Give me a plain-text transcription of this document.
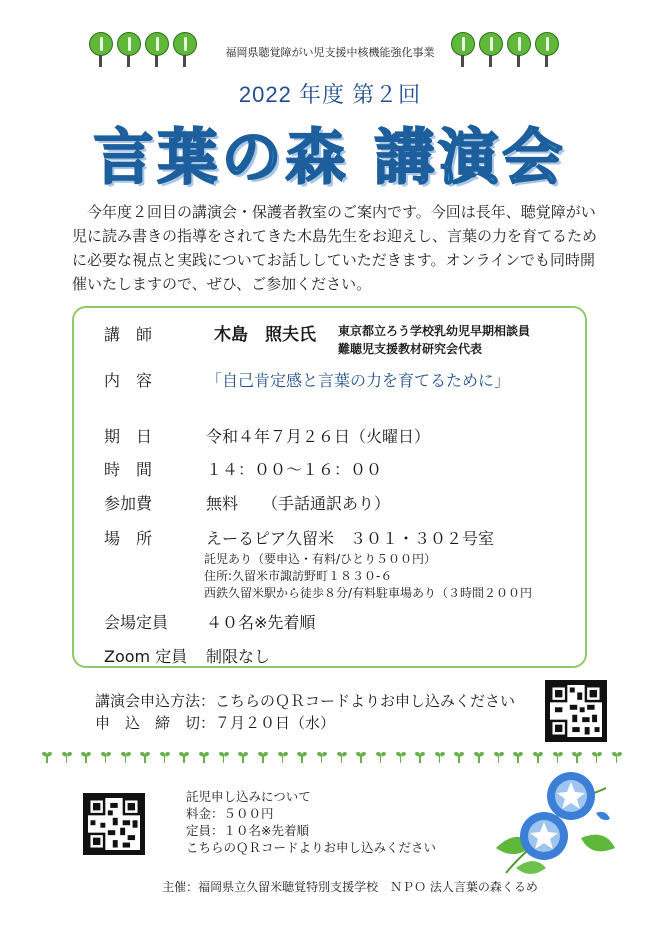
福岡県聴覚障がい児支援中核機能強化事業
2022 年度 第２回
言葉の森 講演会

今年度２回目の講演会・保護者教室のご案内です。今回は長年、聴覚障がい

児に読み書きの指導をされてきた木島先生をお迎えし、言葉の力を育てるため

に必要な視点と実践についてお話ししていただきます。オンラインでも同時開

催いたしますので、ぜひ、ご参加ください。

講　師	木島　照夫氏 東京都立ろう学校乳幼児早期相談員
難聴児支援教材研究会代表
内　容	「自己肯定感と言葉の力を育てるために」
期　日	令和４年７月２６日（火曜日）
時　間	１４：００～１６：００
参加費	無料　　（手話通訳あり）
場　所	えーるピア久留米　３０１・３０２号室
託児あり（要申込・有料/ひとり５００円）
住所:久留米市諏訪野町１８３０-６
西鉄久留米駅から徒歩８分/有料駐車場あり（３時間２００円
会場定員 ４０名※先着順
Zoom 定員 制限なし
講演会申込方法：こちらのＱＲコードよりお申し込みください
申　込　締　切：７月２０日（水）
託児申し込みについて
料金：５００円
定員：１０名※先着順
こちらのＱＲコードよりお申し込みください
主催：福岡県立久留米聴覚特別支援学校　ＮＰＯ 法人言葉の森くるめ
